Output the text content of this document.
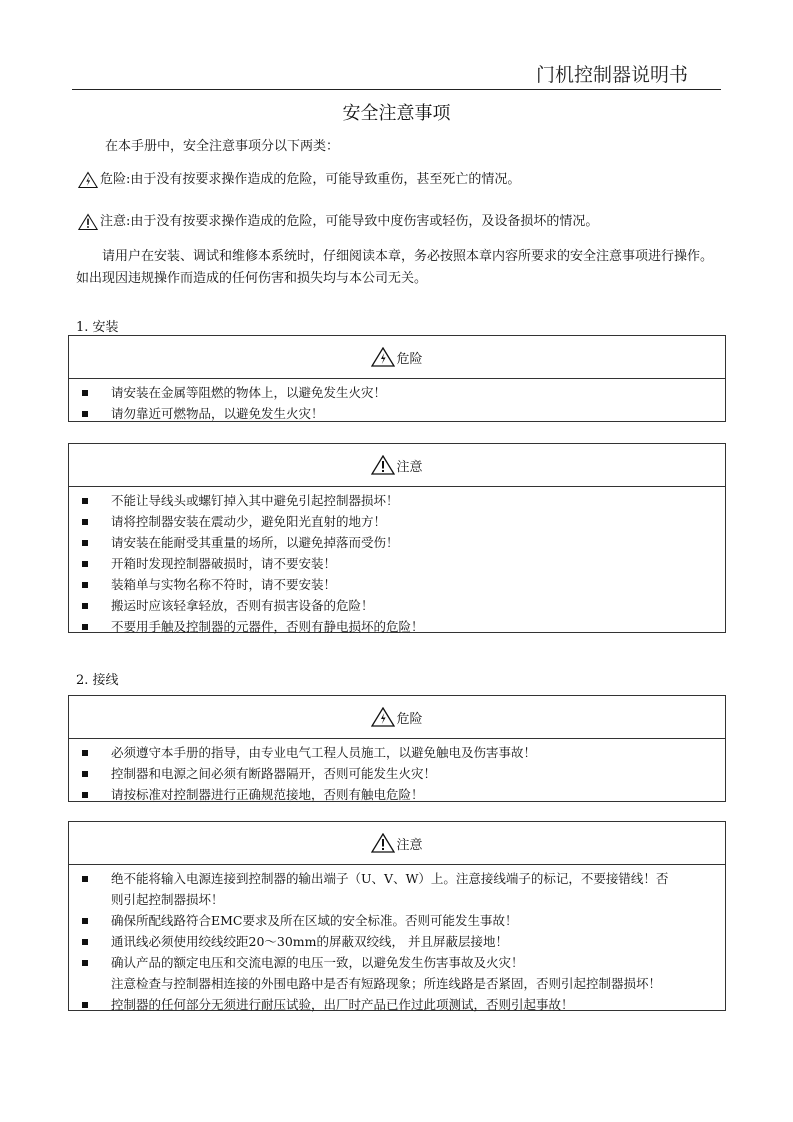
门机控制器说明书
安全注意事项
在本手册中，安全注意事项分以下两类：
危险 :由于没有按要求操作造成的危险，可能导致重伤，甚至死亡的情况。
注意 :由于没有按要求操作造成的危险，可能导致中度伤害或轻伤，及设备损坏的情况。
请用户在安装、调试和维修本系统时，仔细阅读本章，务必按照本章内容所要求的安全注意事项进行操作。如出现因违规操作而造成的任何伤害和损失均与本公司无关。
1. 安装
危险
请安装在金属等阻燃的物体上，以避免发生火灾！
请勿靠近可燃物品，以避免发生火灾！
注意
不能让导线头或螺钉掉入其中避免引起控制器损坏！
请将控制器安装在震动少，避免阳光直射的地方！
请安装在能耐受其重量的场所，以避免掉落而受伤！
开箱时发现控制器破损时，请不要安装！
装箱单与实物名称不符时，请不要安装！
搬运时应该轻拿轻放，否则有损害设备的危险！
不要用手触及控制器的元器件，否则有静电损坏的危险！
2. 接线
危险
必须遵守本手册的指导，由专业电气工程人员施工，以避免触电及伤害事故！
控制器和电源之间必须有断路器隔开，否则可能发生火灾！
请按标准对控制器进行正确规范接地，否则有触电危险！
注意
绝不能将输入电源连接到控制器的输出端子（U、V、W）上。注意接线端子的标记，不要接错线！否
则引起控制器损坏！
确保所配线路符合EMC要求及所在区域的安全标准。否则可能发生事故！
通讯线必须使用绞线绞距20～30mm的屏蔽双绞线， 并且屏蔽层接地！
确认产品的额定电压和交流电源的电压一致，以避免发生伤害事故及火灾！
注意检查与控制器相连接的外围电路中是否有短路现象；所连线路是否紧固，否则引起控制器损坏！
控制器的任何部分无须进行耐压试验，出厂时产品已作过此项测试，否则引起事故！
